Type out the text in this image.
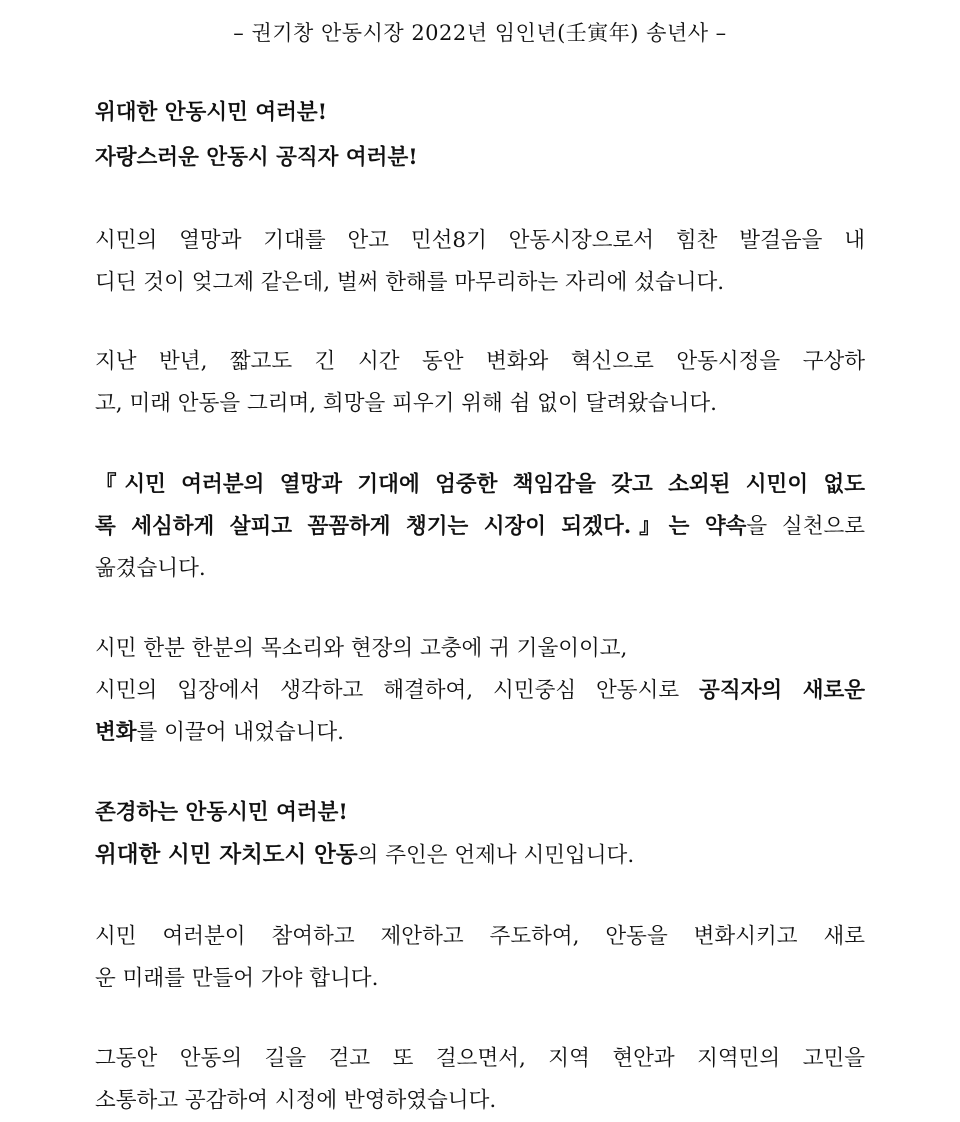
– 권기창 안동시장 2022년 임인년(壬寅年) 송년사 –
위대한 안동시민 여러분!
자랑스러운 안동시 공직자 여러분!
시민의 열망과 기대를 안고 민선8기 안동시장으로서 힘찬 발걸음을 내
디딘 것이 엊그제 같은데, 벌써 한해를 마무리하는 자리에 섰습니다.
지난 반년, 짧고도 긴 시간 동안 변화와 혁신으로 안동시정을 구상하
고, 미래 안동을 그리며, 희망을 피우기 위해 쉼 없이 달려왔습니다.
『시민 여러분의 열망과 기대에 엄중한 책임감을 갖고 소외된 시민이 없도
록 세심하게 살피고 꼼꼼하게 챙기는 시장이 되겠다.』는 약속을 실천으로
옮겼습니다.
시민 한분 한분의 목소리와 현장의 고충에 귀 기울이이고,
시민의 입장에서 생각하고 해결하여, 시민중심 안동시로 공직자의 새로운
변화를 이끌어 내었습니다.
존경하는 안동시민 여러분!
위대한 시민 자치도시 안동의 주인은 언제나 시민입니다.
시민 여러분이 참여하고 제안하고 주도하여, 안동을 변화시키고 새로
운 미래를 만들어 가야 합니다.
그동안 안동의 길을 걷고 또 걸으면서, 지역 현안과 지역민의 고민을
소통하고 공감하여 시정에 반영하였습니다.
